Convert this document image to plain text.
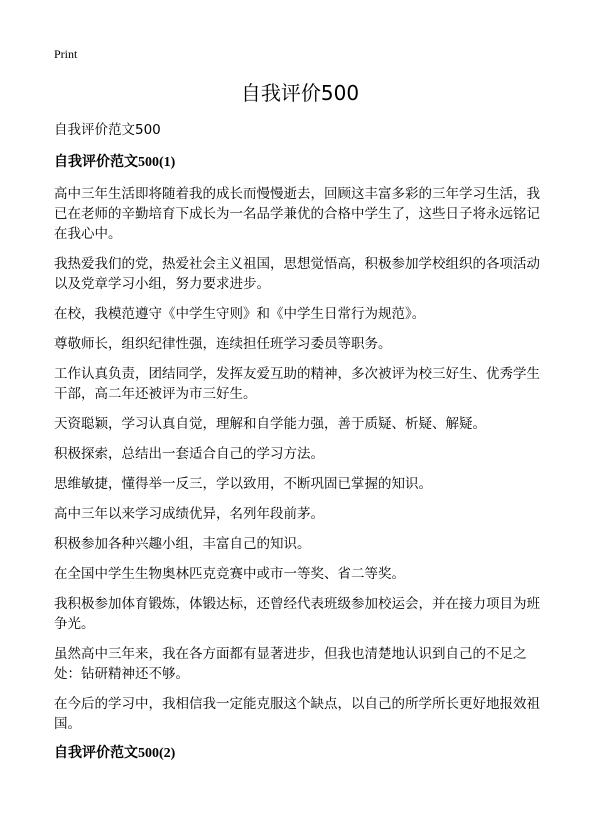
Print
自我评价500
自我评价范文500
自我评价范文500(1)

高中三年生活即将随着我的成长而慢慢逝去，回顾这丰富多彩的三年学习生活，我已在老师的辛勤培育下成长为一名品学兼优的合格中学生了，这些日子将永远铭记在我心中。

我热爱我们的党，热爱社会主义祖国，思想觉悟高，积极参加学校组织的各项活动以及党章学习小组，努力要求进步。

在校，我模范遵守《中学生守则》和《中学生日常行为规范》。

尊敬师长，组织纪律性强，连续担任班学习委员等职务。

工作认真负责，团结同学，发挥友爱互助的精神，多次被评为校三好生、优秀学生干部，高二年还被评为市三好生。

天资聪颖，学习认真自觉，理解和自学能力强，善于质疑、析疑、解疑。

积极探索，总结出一套适合自己的学习方法。

思维敏捷，懂得举一反三，学以致用，不断巩固已掌握的知识。

高中三年以来学习成绩优异，名列年段前茅。

积极参加各种兴趣小组，丰富自己的知识。

在全国中学生生物奥林匹克竞赛中或市一等奖、省二等奖。

我积极参加体育锻炼，体锻达标，还曾经代表班级参加校运会，并在接力项目为班争光。

虽然高中三年来，我在各方面都有显著进步，但我也清楚地认识到自己的不足之处：钻研精神还不够。

在今后的学习中，我相信我一定能克服这个缺点，以自己的所学所长更好地报效祖国。

自我评价范文500(2)
